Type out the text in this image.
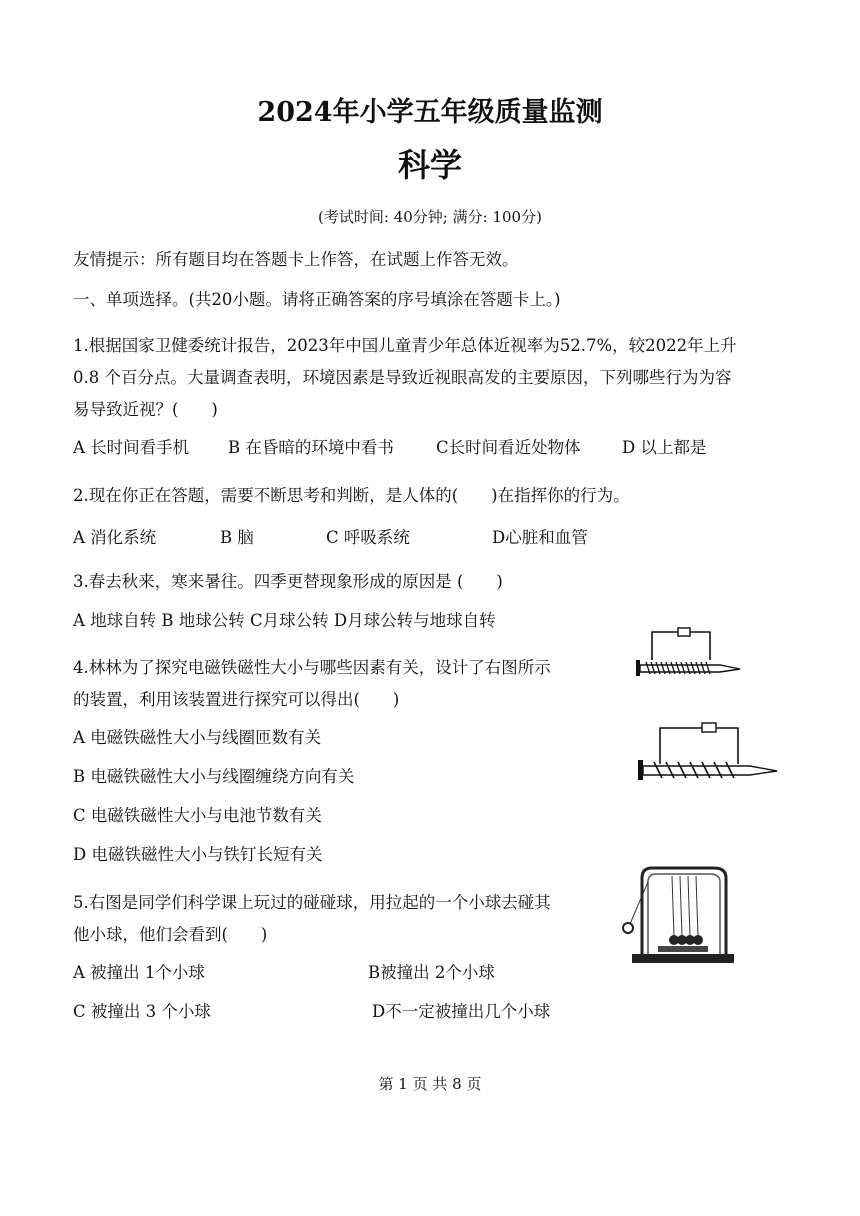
2024年小学五年级质量监测
科学
(考试时间: 40分钟; 满分: 100分)
友情提示：所有题目均在答题卡上作答，在试题上作答无效。
一、单项选择。(共20小题。请将正确答案的序号填涂在答题卡上。)
1.根据国家卫健委统计报告，2023年中国儿童青少年总体近视率为52.7%，较2022年上升
0.8 个百分点。大量调查表明，环境因素是导致近视眼高发的主要原因，下列哪些行为为容
易导致近视？(　　)
A 长时间看手机 B 在昏暗的环境中看书	C长时间看近处物体	D 以上都是
2.现在你正在答题，需要不断思考和判断，是人体的(　　)在指挥你的行为。
A 消化系统	B 脑	C 呼吸系统	D心脏和血管
3.春去秋来，寒来暑往。四季更替现象形成的原因是 (　　)
A 地球自转 B 地球公转 C月球公转 D月球公转与地球自转
4.林林为了探究电磁铁磁性大小与哪些因素有关，设计了右图所示
的装置，利用该装置进行探究可以得出(　　)
A 电磁铁磁性大小与线圈匝数有关
B 电磁铁磁性大小与线圈缠绕方向有关
C 电磁铁磁性大小与电池节数有关
D 电磁铁磁性大小与铁钉长短有关
5.右图是同学们科学课上玩过的碰碰球，用拉起的一个小球去碰其
他小球，他们会看到(　　)
A 被撞出 1个小球	B被撞出 2个小球
C 被撞出 3 个小球	D不一定被撞出几个小球
第 1 页 共 8 页
